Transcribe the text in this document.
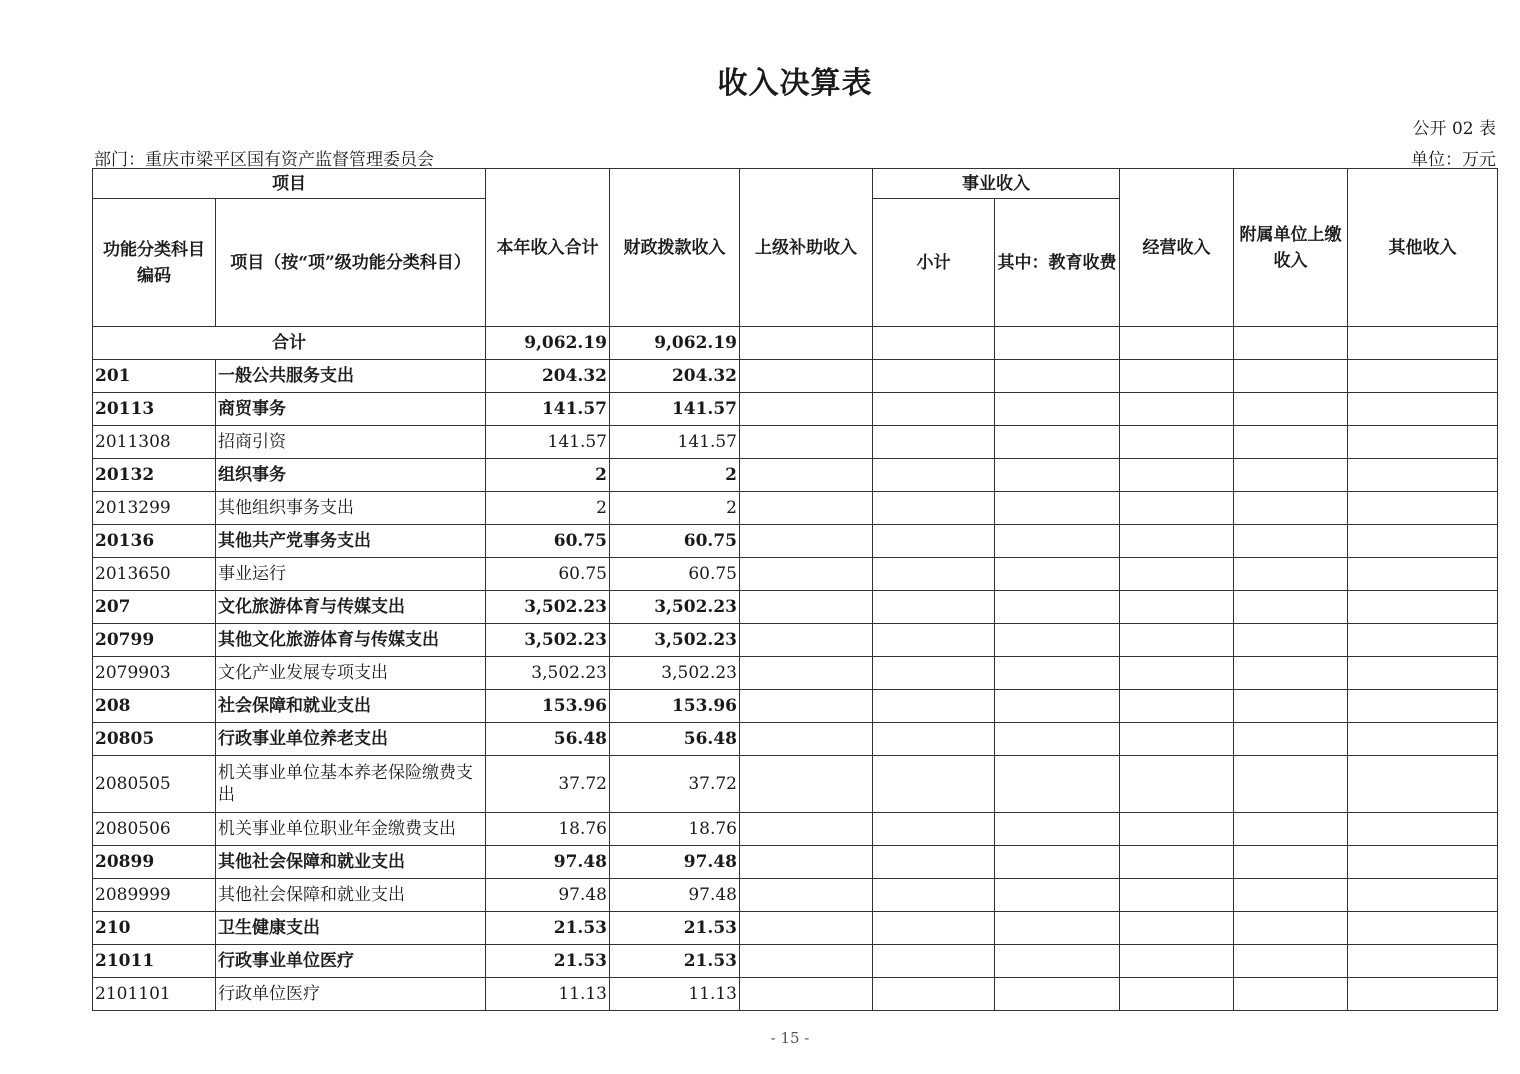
收入决算表
公开 02 表
部门：重庆市梁平区国有资产监督管理委员会	单位：万元
项目		本年收入合计	财政拨款收入	上级补助收入	事业收入		经营收入	附属单位上缴收入	其他收入
功能分类科目编码	项目（按“项”级功能分类科目）				小计	其中：教育收费			
合计		9,062.19	9,062.19						
201	一般公共服务支出	204.32	204.32						
20113	商贸事务	141.57	141.57						
2011308	招商引资	141.57	141.57						
20132	组织事务	2	2						
2013299	其他组织事务支出	2	2						
20136	其他共产党事务支出	60.75	60.75						
2013650	事业运行	60.75	60.75						
207	文化旅游体育与传媒支出	3,502.23	3,502.23						
20799	其他文化旅游体育与传媒支出	3,502.23	3,502.23						
2079903	文化产业发展专项支出	3,502.23	3,502.23						
208	社会保障和就业支出	153.96	153.96						
20805	行政事业单位养老支出	56.48	56.48						
2080505	机关事业单位基本养老保险缴费支出	37.72	37.72						
2080506	机关事业单位职业年金缴费支出	18.76	18.76						
20899	其他社会保障和就业支出	97.48	97.48						
2089999	其他社会保障和就业支出	97.48	97.48						
210	卫生健康支出	21.53	21.53						
21011	行政事业单位医疗	21.53	21.53						
2101101	行政单位医疗	11.13	11.13						
- 15 -
